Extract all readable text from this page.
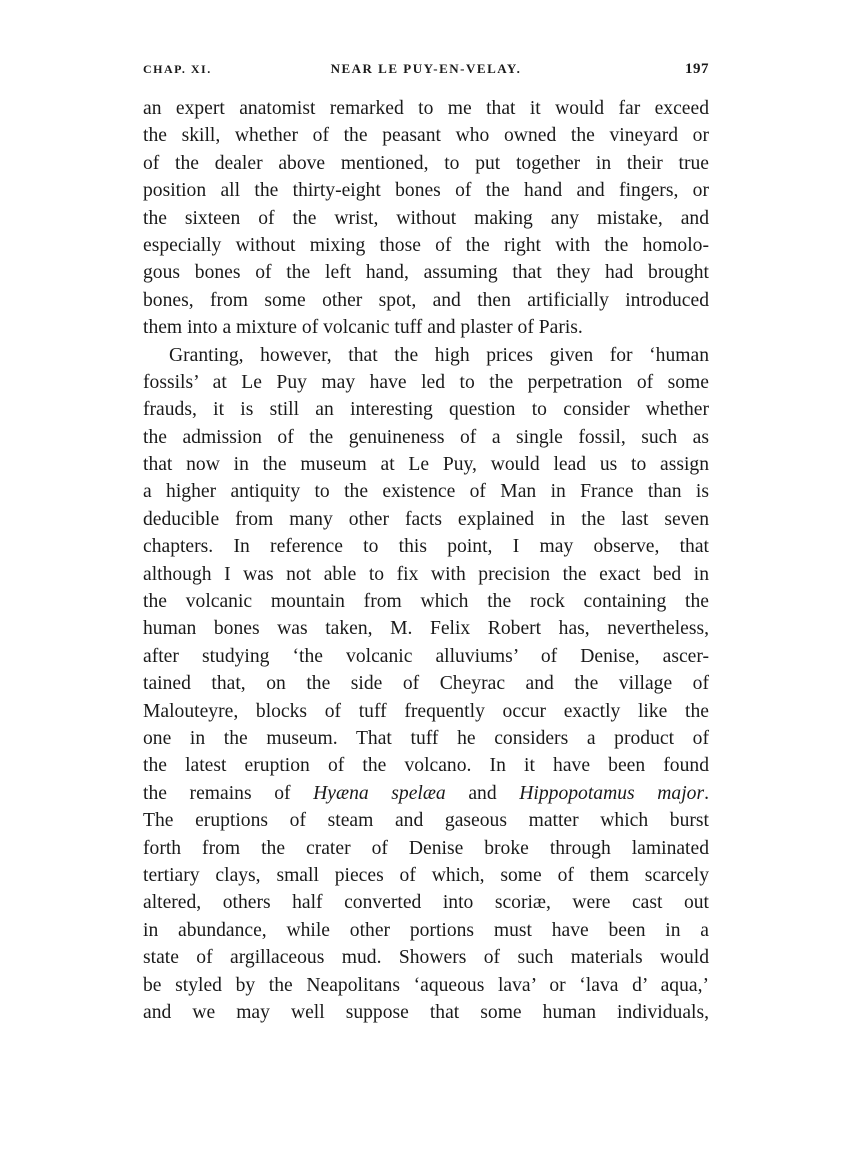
CHAP. XI.	NEAR LE PUY-EN-VELAY.	197
an expert anatomist remarked to me that it would far exceed
the skill, whether of the peasant who owned the vineyard or
of the dealer above mentioned, to put together in their true
position all the thirty-eight bones of the hand and fingers, or
the sixteen of the wrist, without making any mistake, and
especially without mixing those of the right with the homolo-
gous bones of the left hand, assuming that they had brought
bones, from some other spot, and then artificially introduced
them into a mixture of volcanic tuff and plaster of Paris.
Granting, however, that the high prices given for ‘human
fossils’ at Le Puy may have led to the perpetration of some
frauds, it is still an interesting question to consider whether
the admission of the genuineness of a single fossil, such as
that now in the museum at Le Puy, would lead us to assign
a higher antiquity to the existence of Man in France than is
deducible from many other facts explained in the last seven
chapters. In reference to this point, I may observe, that
although I was not able to fix with precision the exact bed in
the volcanic mountain from which the rock containing the
human bones was taken, M. Felix Robert has, nevertheless,
after studying ‘the volcanic alluviums’ of Denise, ascer-
tained that, on the side of Cheyrac and the village of
Malouteyre, blocks of tuff frequently occur exactly like the
one in the museum. That tuff he considers a product of
the latest eruption of the volcano. In it have been found
the remains of Hyæna spelæa and Hippopotamus major.
The eruptions of steam and gaseous matter which burst
forth from the crater of Denise broke through laminated
tertiary clays, small pieces of which, some of them scarcely
altered, others half converted into scoriæ, were cast out
in abundance, while other portions must have been in a
state of argillaceous mud. Showers of such materials would
be styled by the Neapolitans ‘aqueous lava’ or ‘lava d’ aqua,’
and we may well suppose that some human individuals,
